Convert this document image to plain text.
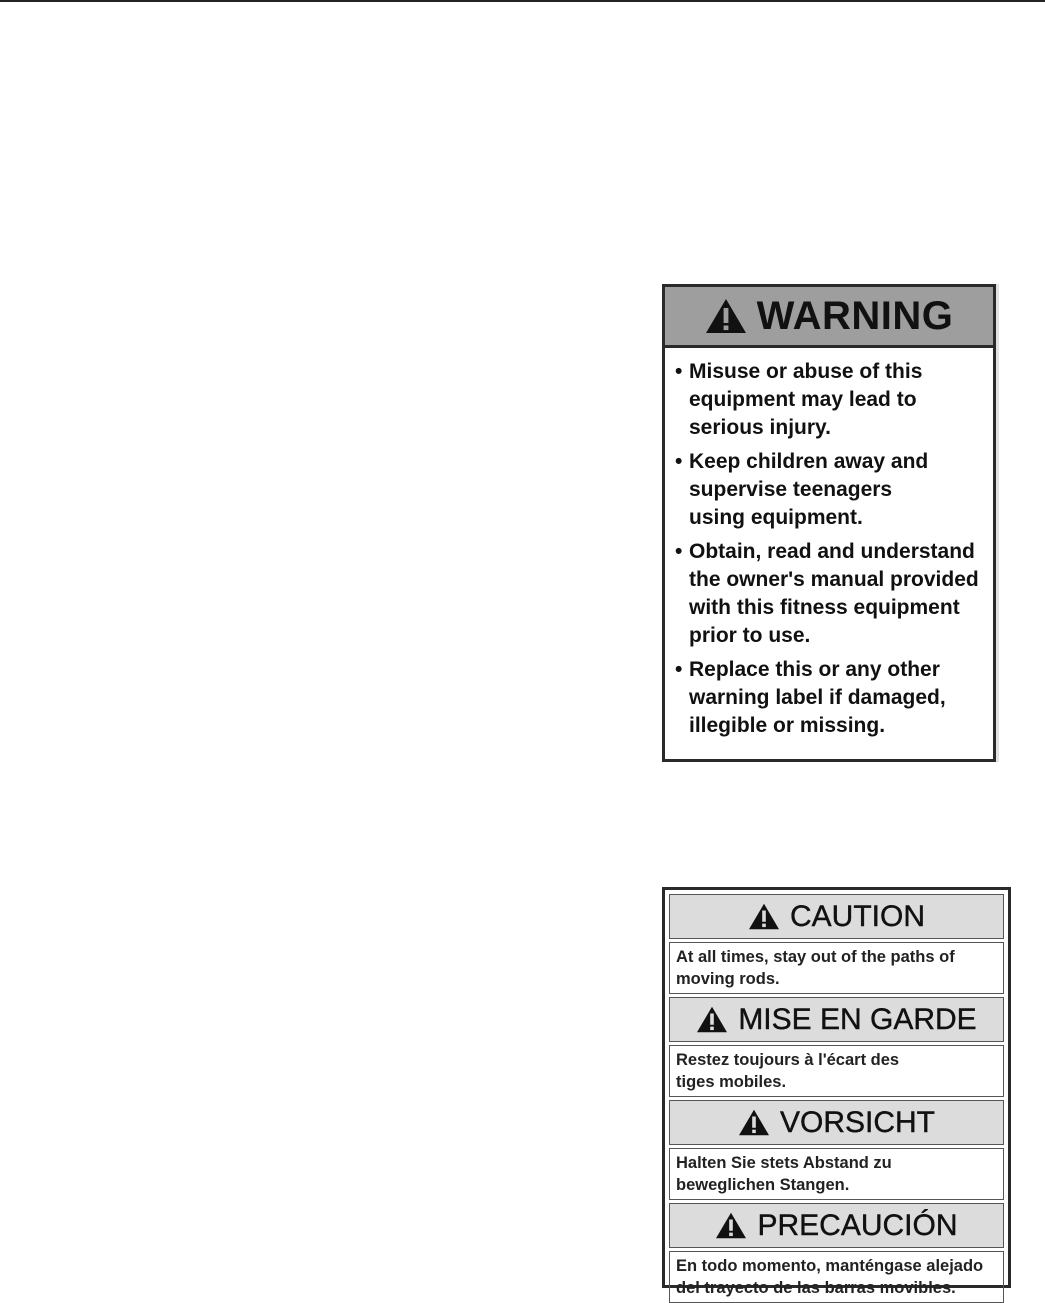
WARNING
• Misuse or abuse of this
equipment may lead to
serious injury.
• Keep children away and
supervise teenagers
using equipment.
• Obtain, read and understand
the owner's manual provided
with this fitness equipment
prior to use.
• Replace this or any other
warning label if damaged,
illegible or missing.
CAUTION
At all times, stay out of the paths of
moving rods.
MISE EN GARDE
Restez toujours à l'écart des
tiges mobiles.
VORSICHT
Halten Sie stets Abstand zu
beweglichen Stangen.
PRECAUCIÓN
En todo momento, manténgase alejado
del trayecto de las barras movibles.
